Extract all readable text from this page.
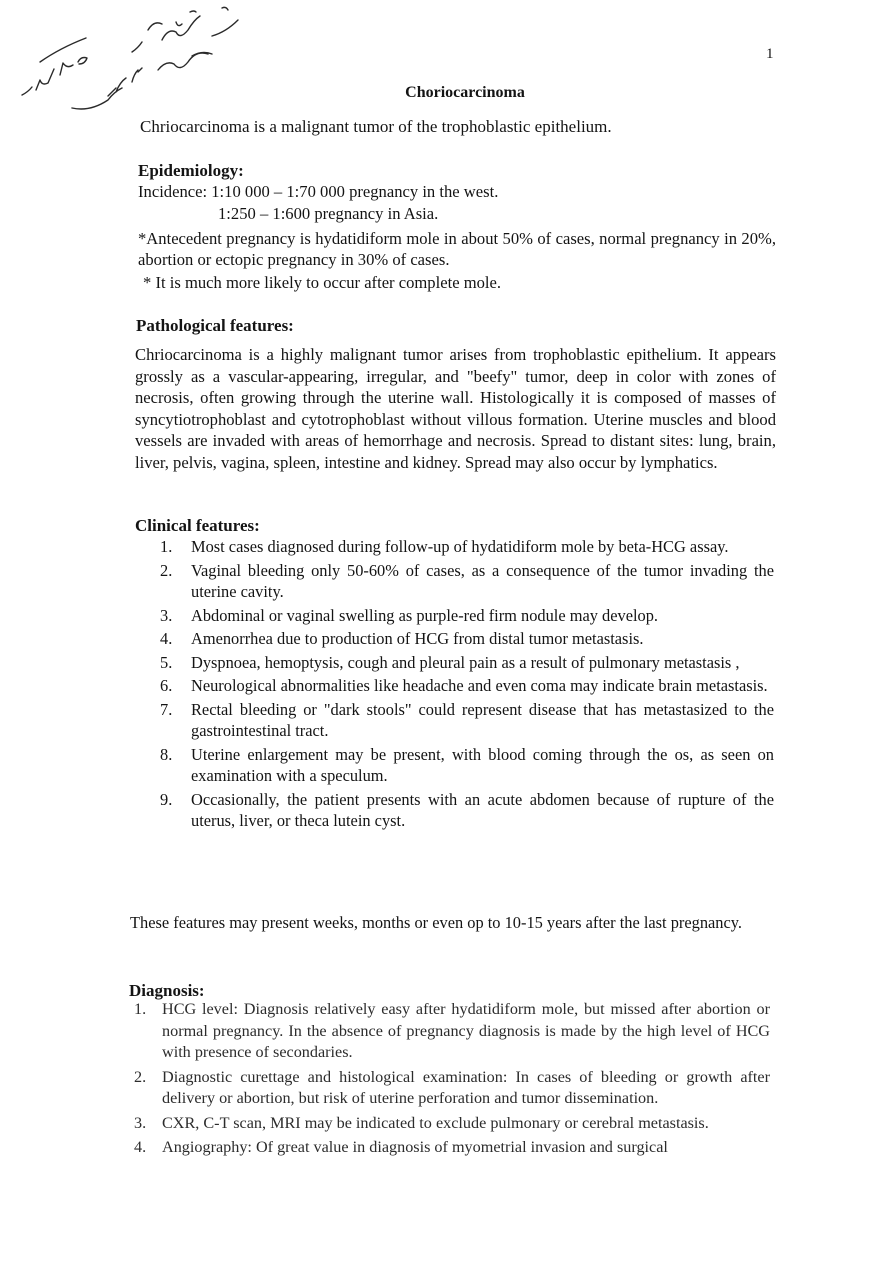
1
Choriocarcinoma
Chriocarcinoma is a malignant tumor of the trophoblastic epithelium.
Epidemiology:
Incidence: 1:10 000 – 1:70 000 pregnancy in the west.
1:250 – 1:600 pregnancy in Asia.
*Antecedent pregnancy is hydatidiform mole in about 50% of cases, normal pregnancy in 20%, abortion or ectopic pregnancy in 30% of cases.
* It is much more likely to occur after complete mole.
Pathological features:
Chriocarcinoma is a highly malignant tumor arises from trophoblastic epithelium. It appears grossly as a vascular-appearing, irregular, and "beefy" tumor, deep in color with zones of necrosis, often growing through the uterine wall. Histologically it is composed of masses of syncytiotrophoblast and cytotrophoblast without villous formation. Uterine muscles and blood vessels are invaded with areas of hemorrhage and necrosis. Spread to distant sites: lung, brain, liver, pelvis, vagina, spleen, intestine and kidney. Spread may also occur by lymphatics.
Clinical features:
1.	Most cases diagnosed during follow-up of hydatidiform mole by beta-HCG assay.
2.	Vaginal bleeding only 50-60% of cases, as a consequence of the tumor invading the uterine cavity.
3.	Abdominal or vaginal swelling as purple-red firm nodule may develop.
4.	Amenorrhea due to production of HCG from distal tumor metastasis.
5.	Dyspnoea, hemoptysis, cough and pleural pain as a result of pulmonary metastasis ,
6.	Neurological abnormalities like headache and even coma may indicate brain metastasis.
7.	Rectal bleeding or "dark stools" could represent disease that has metastasized to the gastrointestinal tract.
8.	Uterine enlargement may be present, with blood coming through the os, as seen on examination with a speculum.
9.	Occasionally, the patient presents with an acute abdomen because of rupture of the uterus, liver, or theca lutein cyst.
These features may present weeks, months or even op to 10-15 years after the last pregnancy.
Diagnosis:
1. HCG level: Diagnosis relatively easy after hydatidiform mole, but missed after abortion or normal pregnancy. In the absence of pregnancy diagnosis is made by the high level of HCG with presence of secondaries.
2. Diagnostic curettage and histological examination: In cases of bleeding or growth after delivery or abortion, but risk of uterine perforation and tumor dissemination.
3. CXR, C-T scan, MRI may be indicated to exclude pulmonary or cerebral metastasis.
4. Angiography: Of great value in diagnosis of myometrial invasion and surgical
